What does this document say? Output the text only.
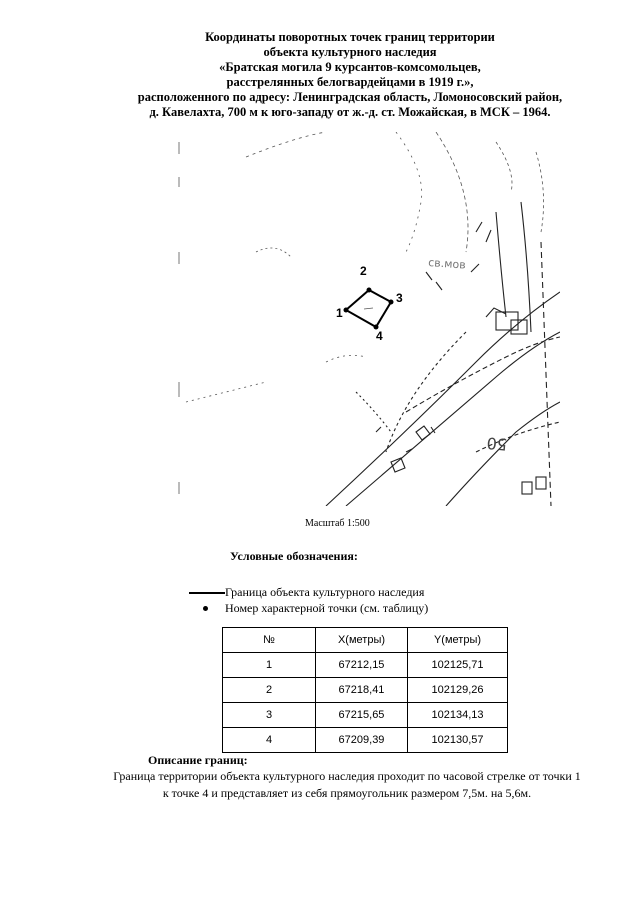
Координаты поворотных точек границ территории
объекта культурного наследия
«Братская могила 9 курсантов-комсомольцев,
расстрелянных белогвардейцами в 1919 г.»,
расположенного по адресу: Ленинградская область, Ломоносовский район,
д. Кавелахта, 700 м к юго-западу от ж.-д. ст. Можайская, в МСК – 1964.
св.мов
50
1
2
3
4
Масштаб 1:500
Условные обозначения:
Граница объекта культурного наследия
Номер характерной точки (см. таблицу)
№	X(метры)	Y(метры)
1	67212,15	102125,71
2	67218,41	102129,26
3	67215,65	102134,13
4	67209,39	102130,57
Описание границ:
Граница территории объекта культурного наследия проходит по часовой стрелке от точки 1 к точке 4 и представляет из себя прямоугольник размером 7,5м. на 5,6м.
